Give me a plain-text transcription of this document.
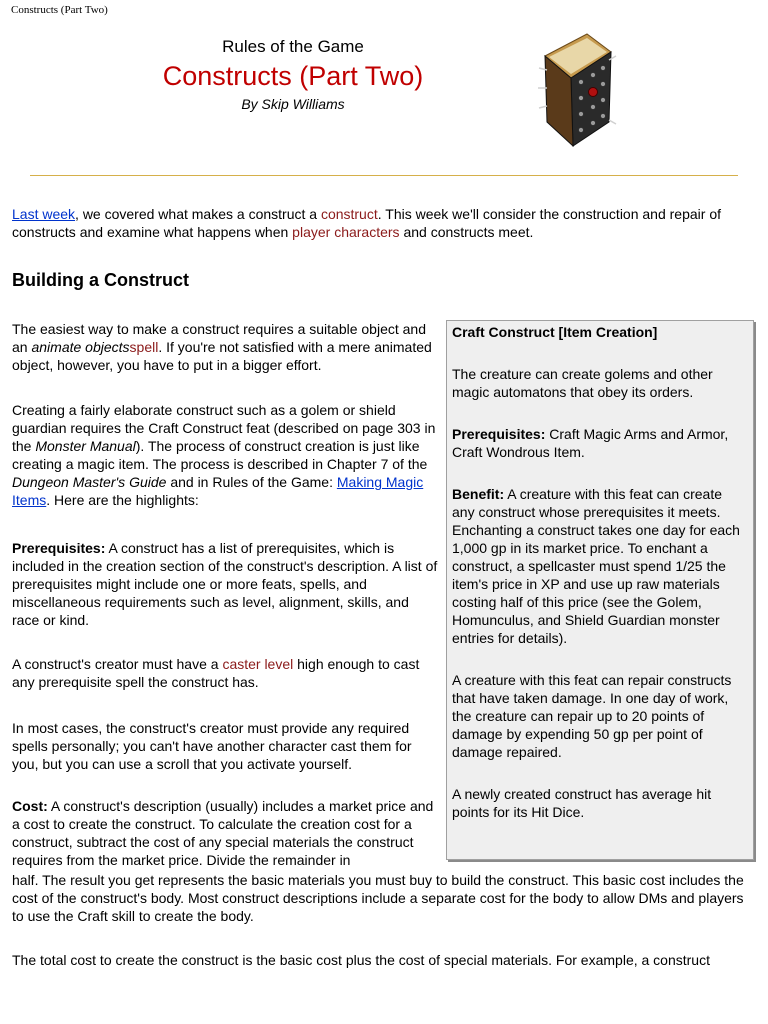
Constructs (Part Two)
Rules of the Game
Constructs (Part Two)
By Skip Williams

Last week, we covered what makes a construct a construct. This week we'll consider the construction and repair of constructs and examine what happens when player characters and constructs meet.

Building a Construct

The easiest way to make a construct requires a suitable object and an animate objectsspell. If you're not satisfied with a mere animated object, however, you have to put in a bigger effort.

Creating a fairly elaborate construct such as a golem or shield guardian requires the Craft Construct feat (described on page 303 in the Monster Manual). The process of construct creation is just like creating a magic item. The process is described in Chapter 7 of the Dungeon Master's Guide and in Rules of the Game: Making Magic Items. Here are the highlights:

Prerequisites: A construct has a list of prerequisites, which is included in the creation section of the construct's description. A list of prerequisites might include one or more feats, spells, and miscellaneous requirements such as level, alignment, skills, and race or kind.

A construct's creator must have a caster level high enough to cast any prerequisite spell the construct has.

In most cases, the construct's creator must provide any required spells personally; you can't have another character cast them for you, but you can use a scroll that you activate yourself.

Cost: A construct's description (usually) includes a market price and a cost to create the construct. To calculate the creation cost for a construct, subtract the cost of any special materials the construct requires from the market price. Divide the remainder in

half. The result you get represents the basic materials you must buy to build the construct. This basic cost includes the cost of the construct's body. Most construct descriptions include a separate cost for the body to allow DMs and players to use the Craft skill to create the body.

The total cost to create the construct is the basic cost plus the cost of special materials. For example, a construct

Craft Construct [Item Creation]

The creature can create golems and other magic automatons that obey its orders.

Prerequisites: Craft Magic Arms and Armor, Craft Wondrous Item.

Benefit: A creature with this feat can create any construct whose prerequisites it meets. Enchanting a construct takes one day for each 1,000 gp in its market price. To enchant a construct, a spellcaster must spend 1/25 the item's price in XP and use up raw materials costing half of this price (see the Golem, Homunculus, and Shield Guardian monster entries for details).

A creature with this feat can repair constructs that have taken damage. In one day of work, the creature can repair up to 20 points of damage by expending 50 gp per point of damage repaired.

A newly created construct has average hit points for its Hit Dice.
